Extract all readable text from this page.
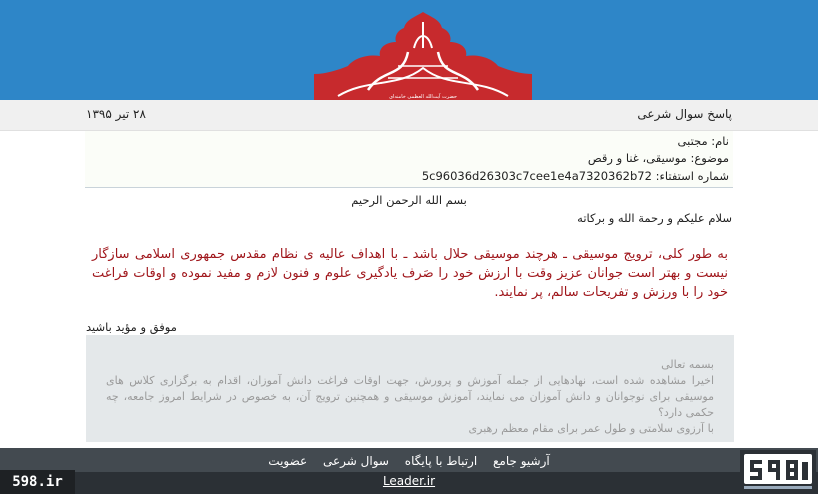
حضرت آیت‌الله العظمی خامنه‌ای
پاسخ سوال شرعی
۲۸ تیر ۱۳۹۵
نام: مجتبی
موضوع: موسیقی، غنا و رقص
شماره استفتاء: 5c96036d26303c7cee1e4a7320362b72
بسم الله الرحمن الرحیم
سلام علیکم و رحمة الله و برکاته
به طور کلی، ترویج موسیقی ـ هرچند موسیقی حلال باشد ـ با اهداف عالیه ی نظام مقدس جمهوری اسلامی سازگار نیست و بهتر است جوانان عزیز وقت با ارزش خود را صَرف یادگیری علوم و فنون لازم و مفید نموده و اوقات فراغت خود را با ورزش و تفریحات سالم، پر نمایند.
موفق و مؤید باشید
بسمه تعالی
اخیرا مشاهده شده است، نهادهایی از جمله آموزش و پرورش، جهت اوقات فراغت دانش آموزان، اقدام به برگزاری کلاس های موسیقی برای نوجوانان و دانش آموزان می نمایند، آموزش موسیقی و همچنین ترویج آن، به خصوص در شرایط امروز جامعه، چه حکمی دارد؟
با آرزوی سلامتی و طول عمر برای مقام معظم رهبری
آرشیو جامع ارتباط با پایگاه سوال شرعی عضویت
Leader.ir
598.ir
